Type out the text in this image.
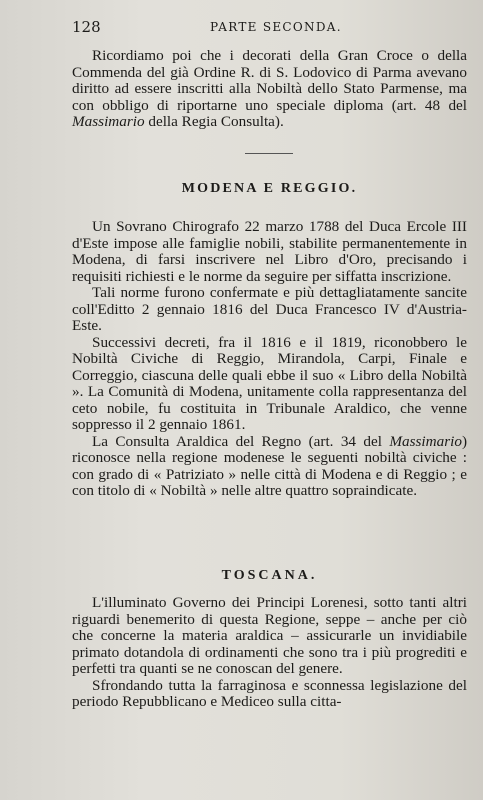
128	PARTE SECONDA.

Ricordiamo poi che i decorati della Gran Croce o della Commenda del già Ordine R. di S. Lodovico di Parma avevano diritto ad essere inscritti alla Nobiltà dello Stato Parmense, ma con obbligo di riportarne uno speciale diploma (art. 48 del Massimario della Regia Consulta).

MODENA E REGGIO.

Un Sovrano Chirografo 22 marzo 1788 del Duca Ercole III d'Este impose alle famiglie nobili, stabilite permanentemente in Modena, di farsi inscrivere nel Libro d'Oro, precisando i requisiti richiesti e le norme da seguire per siffatta inscrizione.

Tali norme furono confermate e più dettagliatamente sancite coll'Editto 2 gennaio 1816 del Duca Francesco IV d'Austria-Este.

Successivi decreti, fra il 1816 e il 1819, riconobbero le Nobiltà Civiche di Reggio, Mirandola, Carpi, Finale e Correggio, ciascuna delle quali ebbe il suo « Libro della Nobiltà ». La Comunità di Modena, unitamente colla rappresentanza del ceto nobile, fu costituita in Tribunale Araldico, che venne soppresso il 2 gennaio 1861.

La Consulta Araldica del Regno (art. 34 del Massimario) riconosce nella regione modenese le seguenti nobiltà civiche : con grado di « Patriziato » nelle città di Modena e di Reggio ; e con titolo di « Nobiltà » nelle altre quattro sopraindicate.

TOSCANA.

L'illuminato Governo dei Principi Lorenesi, sotto tanti altri riguardi benemerito di questa Regione, seppe – anche per ciò che concerne la materia araldica – assicurarle un invidiabile primato dotandola di ordinamenti che sono tra i più progrediti e perfetti tra quanti se ne conoscan del genere.

Sfrondando tutta la farraginosa e sconnessa legislazione del periodo Repubblicano e Mediceo sulla citta-
